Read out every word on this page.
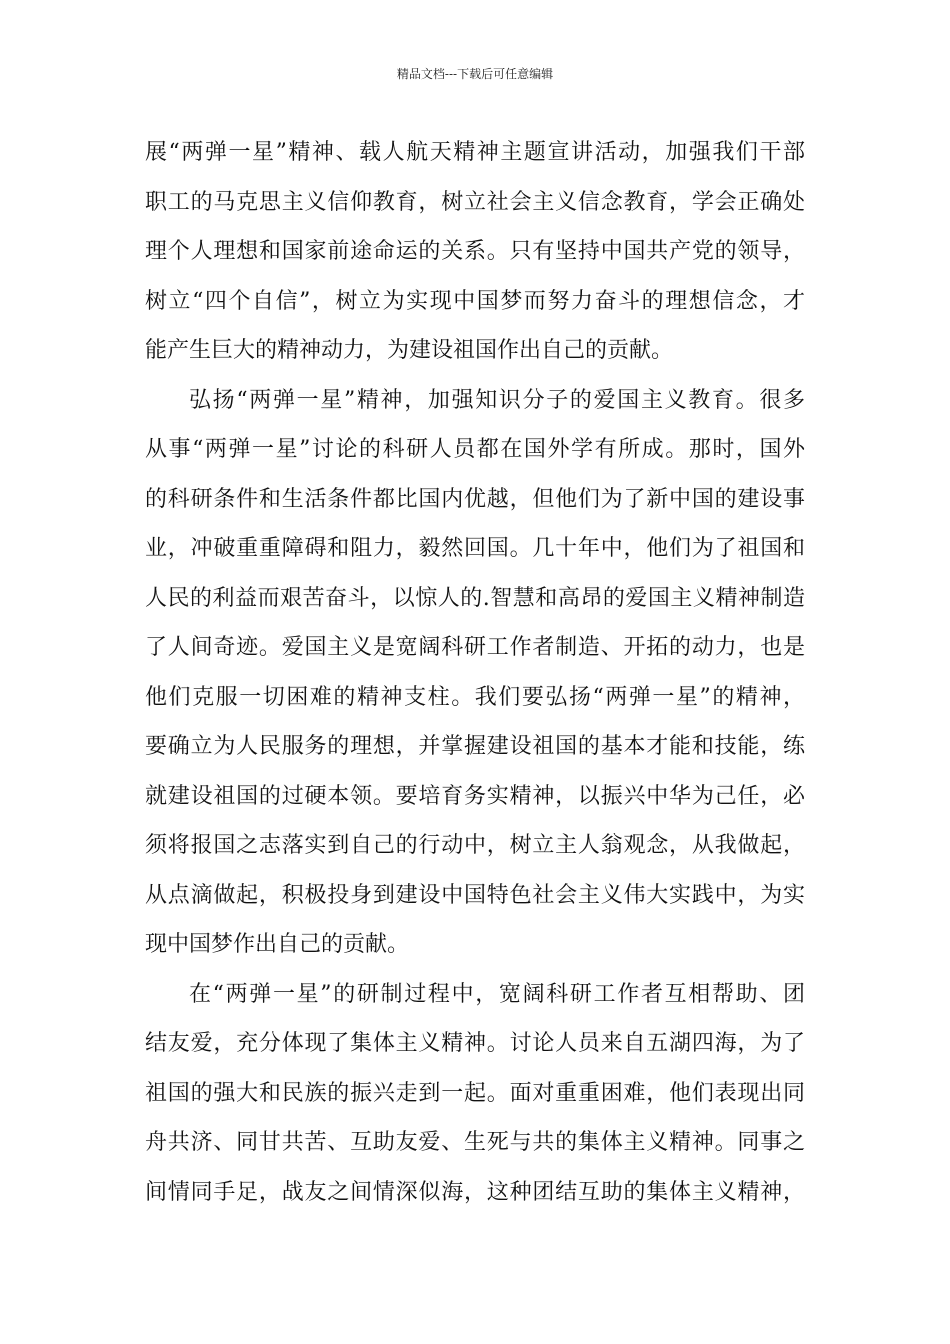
精品文档---下载后可任意编辑
展“两弹一星”精神、载人航天精神主题宣讲活动，加强我们干部
职工的马克思主义信仰教育，树立社会主义信念教育，学会正确处
理个人理想和国家前途命运的关系。只有坚持中国共产党的领导，
树立“四个自信”，树立为实现中国梦而努力奋斗的理想信念，才
能产生巨大的精神动力，为建设祖国作出自己的贡献。
弘扬“两弹一星”精神，加强知识分子的爱国主义教育。很多
从事“两弹一星”讨论的科研人员都在国外学有所成。那时，国外
的科研条件和生活条件都比国内优越，但他们为了新中国的建设事
业，冲破重重障碍和阻力，毅然回国。几十年中，他们为了祖国和
人民的利益而艰苦奋斗，以惊人的.智慧和高昂的爱国主义精神制造
了人间奇迹。爱国主义是宽阔科研工作者制造、开拓的动力，也是
他们克服一切困难的精神支柱。我们要弘扬“两弹一星”的精神，
要确立为人民服务的理想，并掌握建设祖国的基本才能和技能，练
就建设祖国的过硬本领。要培育务实精神，以振兴中华为己任，必
须将报国之志落实到自己的行动中，树立主人翁观念，从我做起，
从点滴做起，积极投身到建设中国特色社会主义伟大实践中，为实
现中国梦作出自己的贡献。
在“两弹一星”的研制过程中，宽阔科研工作者互相帮助、团
结友爱，充分体现了集体主义精神。讨论人员来自五湖四海，为了
祖国的强大和民族的振兴走到一起。面对重重困难，他们表现出同
舟共济、同甘共苦、互助友爱、生死与共的集体主义精神。同事之
间情同手足，战友之间情深似海，这种团结互助的集体主义精神，
